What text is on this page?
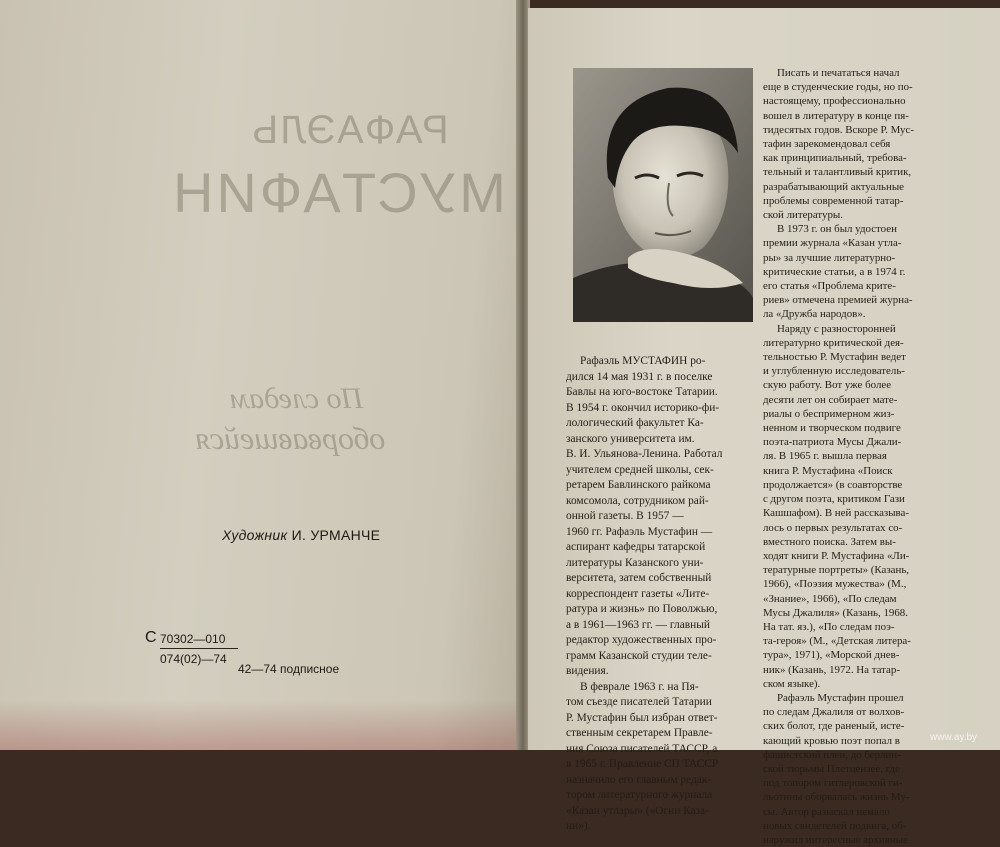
РАФАЭЛЬ
МУСТАФИН
По следам
оборвавшейся
Художник И. УРМАНЧЕ
С 70302—010
074(02)—74
42—74 подписное
Рафаэль МУСТАФИН ро-
дился 14 мая 1931 г. в поселке
Бавлы на юго-востоке Татарии.
В 1954 г. окончил историко-фи-
лологический факультет Ка-
занского университета им.
В. И. Ульянова-Ленина. Работал
учителем средней школы, сек-
ретарем Бавлинского райкома
комсомола, сотрудником рай-
онной газеты. В 1957 —
1960 гг. Рафаэль Мустафин —
аспирант кафедры татарской
литературы Казанского уни-
верситета, затем собственный
корреспондент газеты «Лите-
ратура и жизнь» по Поволжью,
а в 1961—1963 гг. — главный
редактор художественных про-
грамм Казанской студии теле-
видения.
В феврале 1963 г. на Пя-
том съезде писателей Татарии
Р. Мустафин был избран ответ-
ственным секретарем Правле-
ния Союза писателей ТАССР, а
в 1965 г. Правление СП ТАССР
назначило его главным редак-
тором литературного журнала
«Казан утлары» («Огни Каза-
ни»).
Писать и печататься начал
еще в студенческие годы, но по-
настоящему, профессионально
вошел в литературу в конце пя-
тидесятых годов. Вскоре Р. Мус-
тафин зарекомендовал себя
как принципиальный, требова-
тельный и талантливый критик,
разрабатывающий актуальные
проблемы современной татар-
ской литературы.
В 1973 г. он был удостоен
премии журнала «Казан утла-
ры» за лучшие литературно-
критические статьи, а в 1974 г.
его статья «Проблема крите-
риев» отмечена премией журна-
ла «Дружба народов».
Наряду с разносторонней
литературно критической дея-
тельностью Р. Мустафин ведет
и углубленную исследователь-
скую работу. Вот уже более
десяти лет он собирает мате-
риалы о беспримерном жиз-
ненном и творческом подвиге
поэта-патриота Мусы Джали-
ля. В 1965 г. вышла первая
книга Р. Мустафина «Поиск
продолжается» (в соавторстве
с другом поэта, критиком Гази
Кашшафом). В ней рассказыва-
лось о первых результатах со-
вместного поиска. Затем вы-
ходят книги Р. Мустафина «Ли-
тературные портреты» (Казань,
1966), «Поэзия мужества» (М.,
«Знание», 1966), «По следам
Мусы Джалиля» (Казань, 1968.
На тат. яз.), «По следам поэ-
та-героя» (М., «Детская литера-
тура», 1971), «Морской днев-
ник» (Казань, 1972. На татар-
ском языке).
Рафаэль Мустафин прошел
по следам Джалиля от волхов-
ских болот, где раненый, исте-
кающий кровью поэт попал в
фашистский плен, до берлин-
ской тюрьмы Плетцензее, где
под топором гитлеровской ги-
льотины оборвалась жизнь Му-
сы. Автор разыскал немало
новых свидетелей подвига, об-
наружил интересные архивные
www.ay.by
